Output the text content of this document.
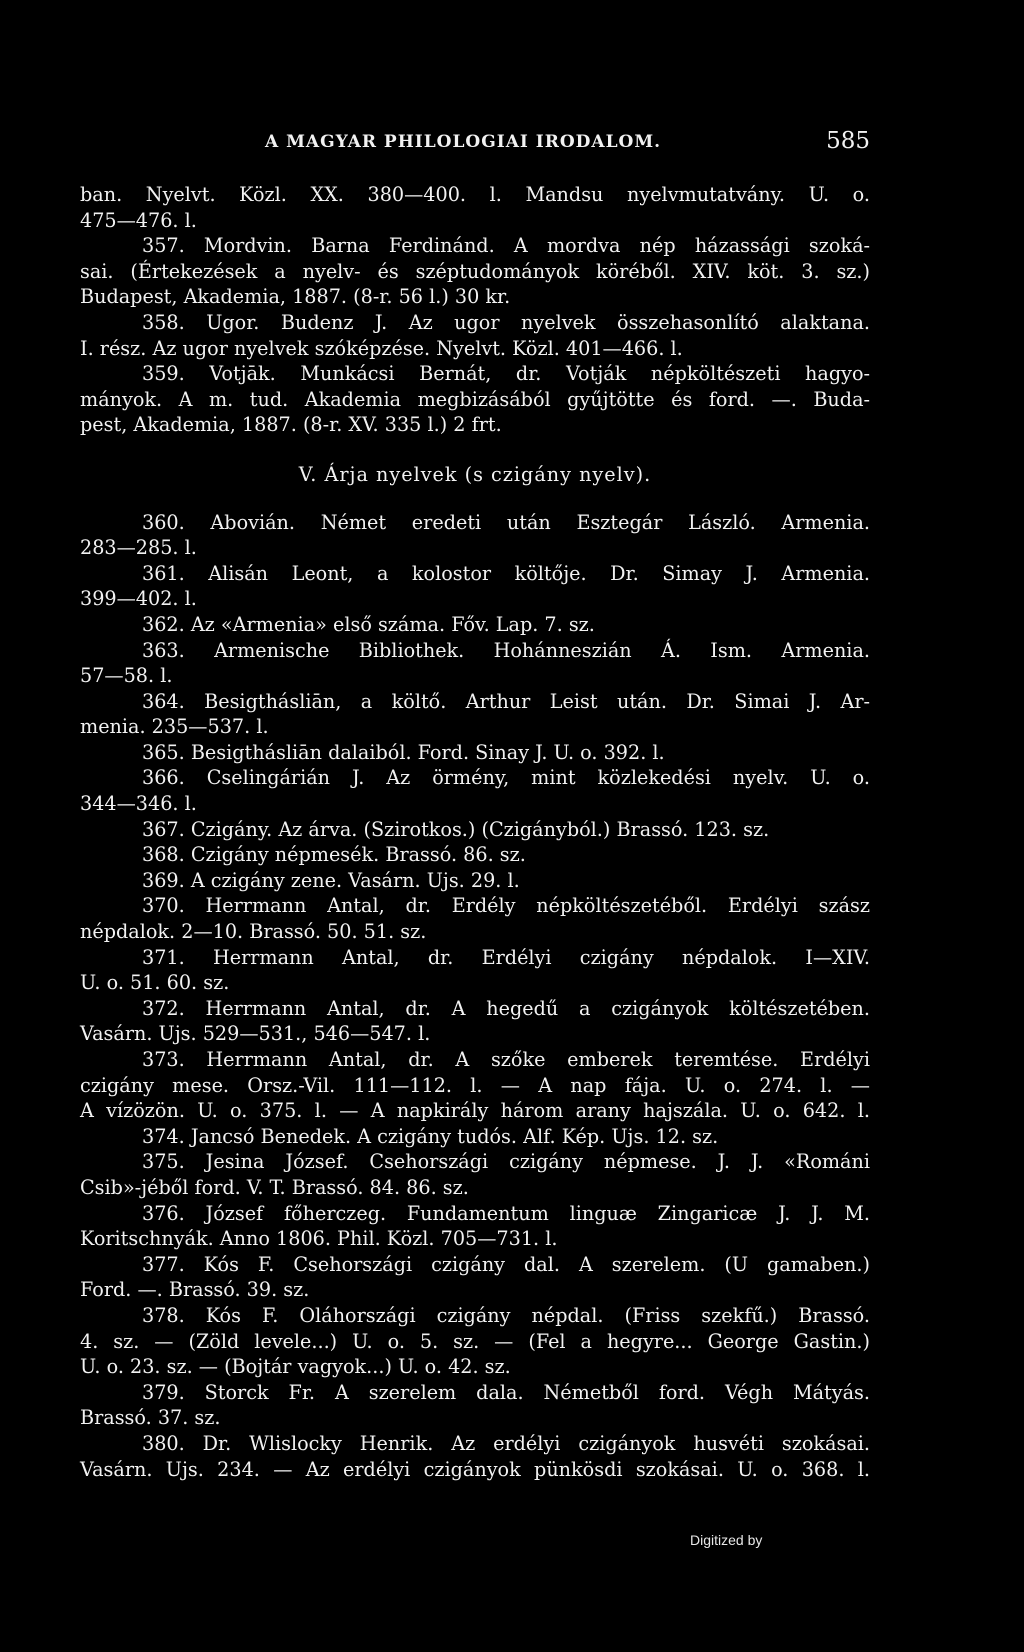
A MAGYAR PHILOLOGIAI IRODALOM.	585
ban. Nyelvt. Közl. XX. 380—400. l. Mandsu nyelvmutatvány. U. o.
475—476. l.
357. Mordvin. Barna Ferdinánd. A mordva nép házassági szoká-
sai. (Értekezések a nyelv- és széptudományok köréből. XIV. köt. 3. sz.)
Budapest, Akademia, 1887. (8-r. 56 l.) 30 kr.
358. Ugor. Budenz J. Az ugor nyelvek összehasonlító alaktana.
I. rész. Az ugor nyelvek szóképzése. Nyelvt. Közl. 401—466. l.
359. Votjāk. Munkácsi Bernát, dr. Votják népköltészeti hagyo-
mányok. A m. tud. Akademia megbizásából gyűjtötte és ford. —. Buda-
pest, Akademia, 1887. (8-r. XV. 335 l.) 2 frt.
V. Árja nyelvek (s czigány nyelv).
360. Abovián. Német eredeti után Esztegár László. Armenia.
283—285. l.
361. Alisán Leont, a kolostor költője. Dr. Simay J. Armenia.
399—402. l.
362. Az «Armenia» első száma. Főv. Lap. 7. sz.
363. Armenische Bibliothek. Hohánneszián Á. Ism. Armenia.
57—58. l.
364. Besigthásliān, a költő. Arthur Leist után. Dr. Simai J. Ar-
menia. 235—537. l.
365. Besigthásliān dalaiból. Ford. Sinay J. U. o. 392. l.
366. Cselingárián J. Az örmény, mint közlekedési nyelv. U. o.
344—346. l.
367. Czigány. Az árva. (Szirotkos.) (Czigányból.) Brassó. 123. sz.
368. Czigány népmesék. Brassó. 86. sz.
369. A czigány zene. Vasárn. Ujs. 29. l.
370. Herrmann Antal, dr. Erdély népköltészetéből. Erdélyi szász
népdalok. 2—10. Brassó. 50. 51. sz.
371. Herrmann Antal, dr. Erdélyi czigány népdalok. I—XIV.
U. o. 51. 60. sz.
372. Herrmann Antal, dr. A hegedű a czigányok költészetében.
Vasárn. Ujs. 529—531., 546—547. l.
373. Herrmann Antal, dr. A szőke emberek teremtése. Erdélyi
czigány mese. Orsz.-Vil. 111—112. l. — A nap fája. U. o. 274. l. —
A vízözön. U. o. 375. l. — A napkirály három arany hajszála. U. o. 642. l.
374. Jancsó Benedek. A czigány tudós. Alf. Kép. Ujs. 12. sz.
375. Jesina József. Csehországi czigány népmese. J. J. «Románi
Csib»-jéből ford. V. T. Brassó. 84. 86. sz.
376. József főherczeg. Fundamentum linguæ Zingaricæ J. J. M.
Koritschnyák. Anno 1806. Phil. Közl. 705—731. l.
377. Kós F. Csehországi czigány dal. A szerelem. (U gamaben.)
Ford. —. Brassó. 39. sz.
378. Kós F. Oláhországi czigány népdal. (Friss szekfű.) Brassó.
4. sz. — (Zöld levele...) U. o. 5. sz. — (Fel a hegyre... George Gastin.)
U. o. 23. sz. — (Bojtár vagyok...) U. o. 42. sz.
379. Storck Fr. A szerelem dala. Németből ford. Végh Mátyás.
Brassó. 37. sz.
380. Dr. Wlislocky Henrik. Az erdélyi czigányok husvéti szokásai.
Vasárn. Ujs. 234. — Az erdélyi czigányok pünkösdi szokásai. U. o. 368. l.
Digitized by
